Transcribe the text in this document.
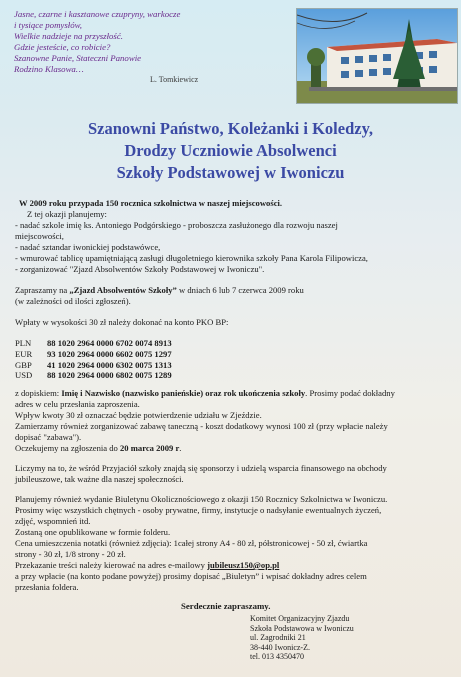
Jasne, czarne i kasztanowe czupryny, warkocze
i tysiące pomysłów,
Wielkie nadzieje na przyszłość.
Gdzie jesteście, co robicie?
Szanowne Panie, Stateczni Panowie
Rodzino Klasowa…
L. Tomkiewicz
Szanowni Państwo, Koleżanki i Koledzy,
Drodzy Uczniowie Absolwenci
Szkoły Podstawowej w Iwoniczu
W 2009 roku przypada 150 rocznica szkolnictwa w naszej miejscowości.
Z tej okazji planujemy:
- nadać szkole imię ks. Antoniego Podgórskiego - proboszcza zasłużonego dla rozwoju naszej
miejscowości,
- nadać sztandar iwonickiej podstawówce,
- wmurować tablicę upamiętniającą zasługi długoletniego kierownika szkoły Pana Karola Filipowicza,
- zorganizować "Zjazd Absolwentów Szkoły Podstawowej w Iwoniczu".
Zapraszamy na „Zjazd Absolwentów Szkoły” w dniach 6 lub 7 czerwca 2009 roku
(w zależności od ilości zgłoszeń).
Wpłaty w wysokości 30 zł należy dokonać na konto PKO BP:
PLN 88 1020 2964 0000 6702 0074 8913
EUR 93 1020 2964 0000 6602 0075 1297
GBP 41 1020 2964 0000 6302 0075 1313
USD 88 1020 2964 0000 6802 0075 1289
z dopiskiem: Imię i Nazwisko (nazwisko panieńskie) oraz rok ukończenia szkoły. Prosimy podać dokładny
adres w celu przesłania zaproszenia.
Wpływ kwoty 30 zł oznaczać będzie potwierdzenie udziału w Zjeździe.
Zamierzamy również zorganizować zabawę taneczną - koszt dodatkowy wynosi 100 zł (przy wpłacie należy
dopisać "zabawa").
Oczekujemy na zgłoszenia do 20 marca 2009 r.
Liczymy na to, że wśród Przyjaciół szkoły znajdą się sponsorzy i udzielą wsparcia finansowego na obchody
jubileuszowe, tak ważne dla naszej społeczności.
Planujemy również wydanie Biuletynu Okolicznościowego z okazji 150 Rocznicy Szkolnictwa w Iwoniczu.
Prosimy więc wszystkich chętnych - osoby prywatne, firmy, instytucje o nadsyłanie ewentualnych życzeń,
zdjęć, wspomnień itd.
Zostaną one opublikowane w formie folderu.
Cena umieszczenia notatki (również zdjęcia): 1całej strony A4 - 80 zł, półstronicowej - 50 zł, ćwiartka
strony - 30 zł, 1/8 strony - 20 zł.
Przekazanie treści należy kierować na adres e-mailowy jubileusz150@op.pl
a przy wpłacie (na konto podane powyżej) prosimy dopisać „Biuletyn” i wpisać dokładny adres celem
przesłania foldera.
Serdecznie zapraszamy.
Komitet Organizacyjny Zjazdu
Szkoła Podstawowa w Iwoniczu
ul. Zagrodniki 21
38-440 Iwonicz-Z.
tel. 013 4350470
